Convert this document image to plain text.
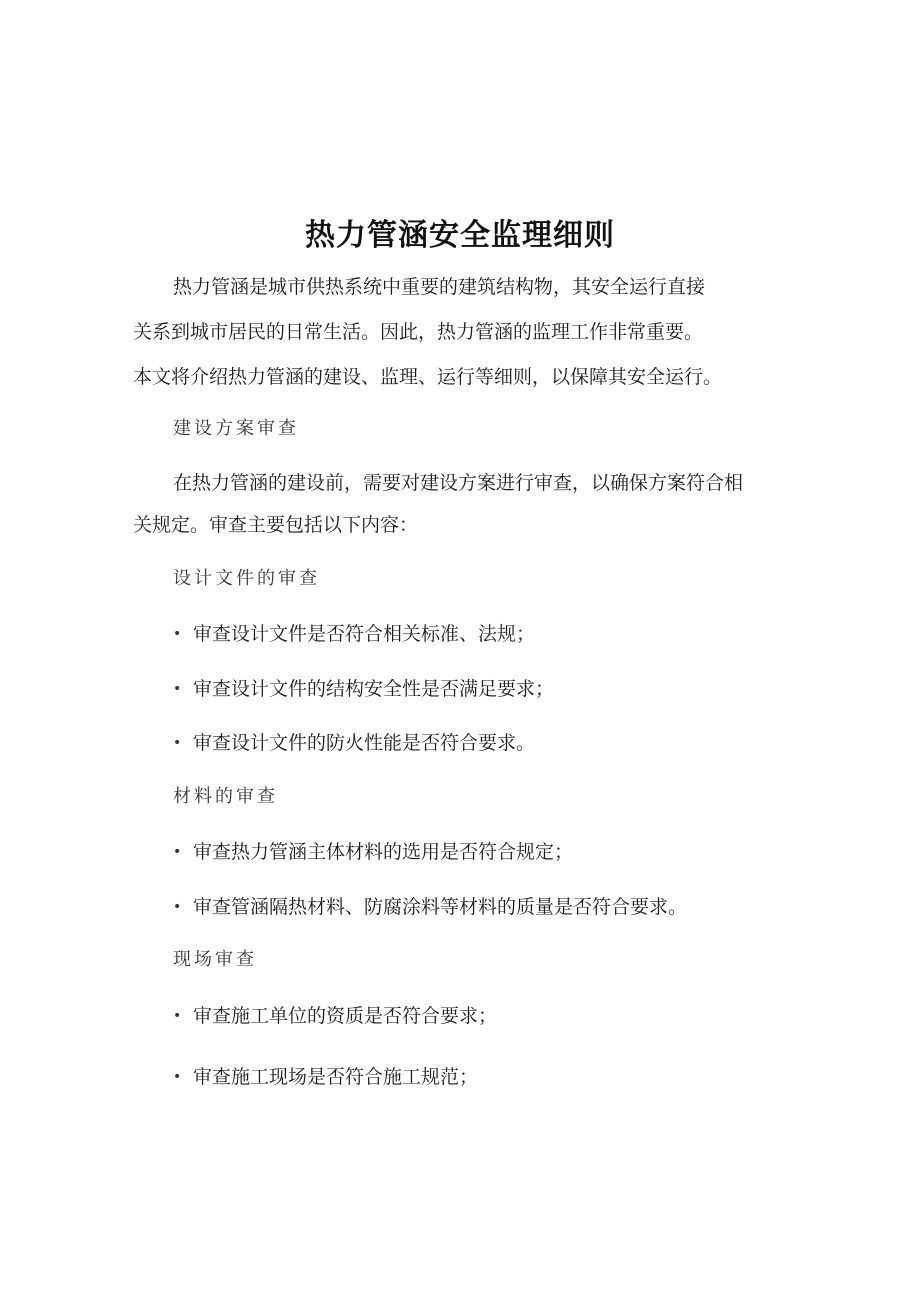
热力管涵安全监理细则
热力管涵是城市供热系统中重要的建筑结构物，其安全运行直接
关系到城市居民的日常生活。因此，热力管涵的监理工作非常重要。
本文将介绍热力管涵的建设、监理、运行等细则，以保障其安全运行。
建设方案审查
在热力管涵的建设前，需要对建设方案进行审查，以确保方案符合相
关规定。审查主要包括以下内容：
设计文件的审查
• 审查设计文件是否符合相关标准、法规；
• 审查设计文件的结构安全性是否满足要求；
• 审查设计文件的防火性能是否符合要求。
材料的审查
• 审查热力管涵主体材料的选用是否符合规定；
• 审查管涵隔热材料、防腐涂料等材料的质量是否符合要求。
现场审查
• 审查施工单位的资质是否符合要求；
• 审查施工现场是否符合施工规范；
